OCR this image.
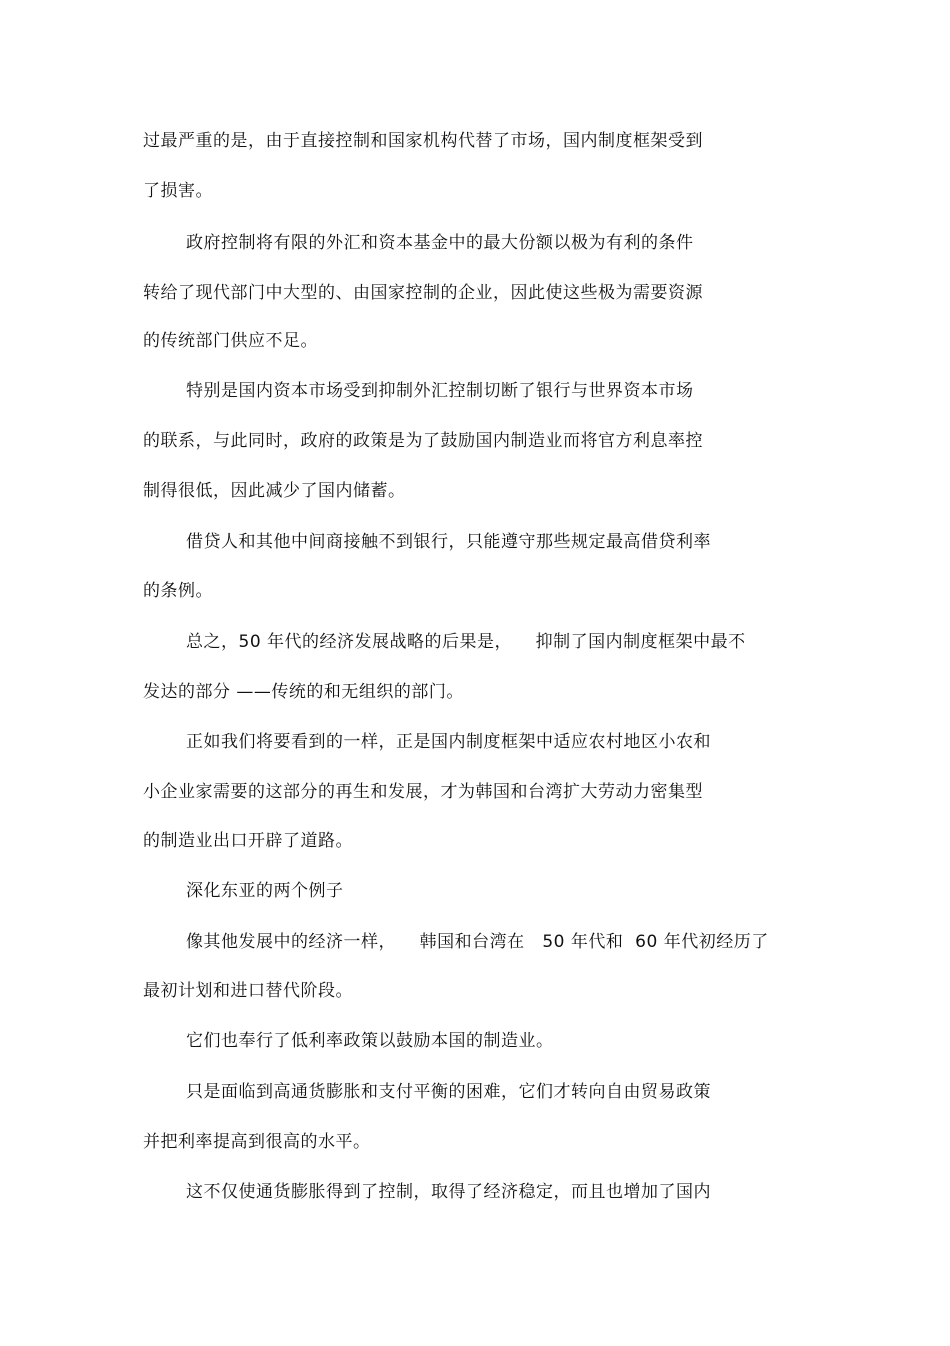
过最严重的是，由于直接控制和国家机构代替了市场，国内制度框架受到
了损害。
政府控制将有限的外汇和资本基金中的最大份额以极为有利的条件
转给了现代部门中大型的、由国家控制的企业，因此使这些极为需要资源
的传统部门供应不足。
特别是国内资本市场受到抑制外汇控制切断了银行与世界资本市场
的联系，与此同时，政府的政策是为了鼓励国内制造业而将官方利息率控
制得很低，因此减少了国内储蓄。
借贷人和其他中间商接触不到银行，只能遵守那些规定最高借贷利率
的条例。
总之，50 年代的经济发展战略的后果是，    抑制了国内制度框架中最不
发达的部分 ——传统的和无组织的部门。
正如我们将要看到的一样，正是国内制度框架中适应农村地区小农和
小企业家需要的这部分的再生和发展，才为韩国和台湾扩大劳动力密集型
的制造业出口开辟了道路。
深化东亚的两个例子
像其他发展中的经济一样，    韩国和台湾在   50 年代和  60 年代初经历了
最初计划和进口替代阶段。
它们也奉行了低利率政策以鼓励本国的制造业。
只是面临到高通货膨胀和支付平衡的困难，它们才转向自由贸易政策
并把利率提高到很高的水平。
这不仅使通货膨胀得到了控制，取得了经济稳定，而且也增加了国内
